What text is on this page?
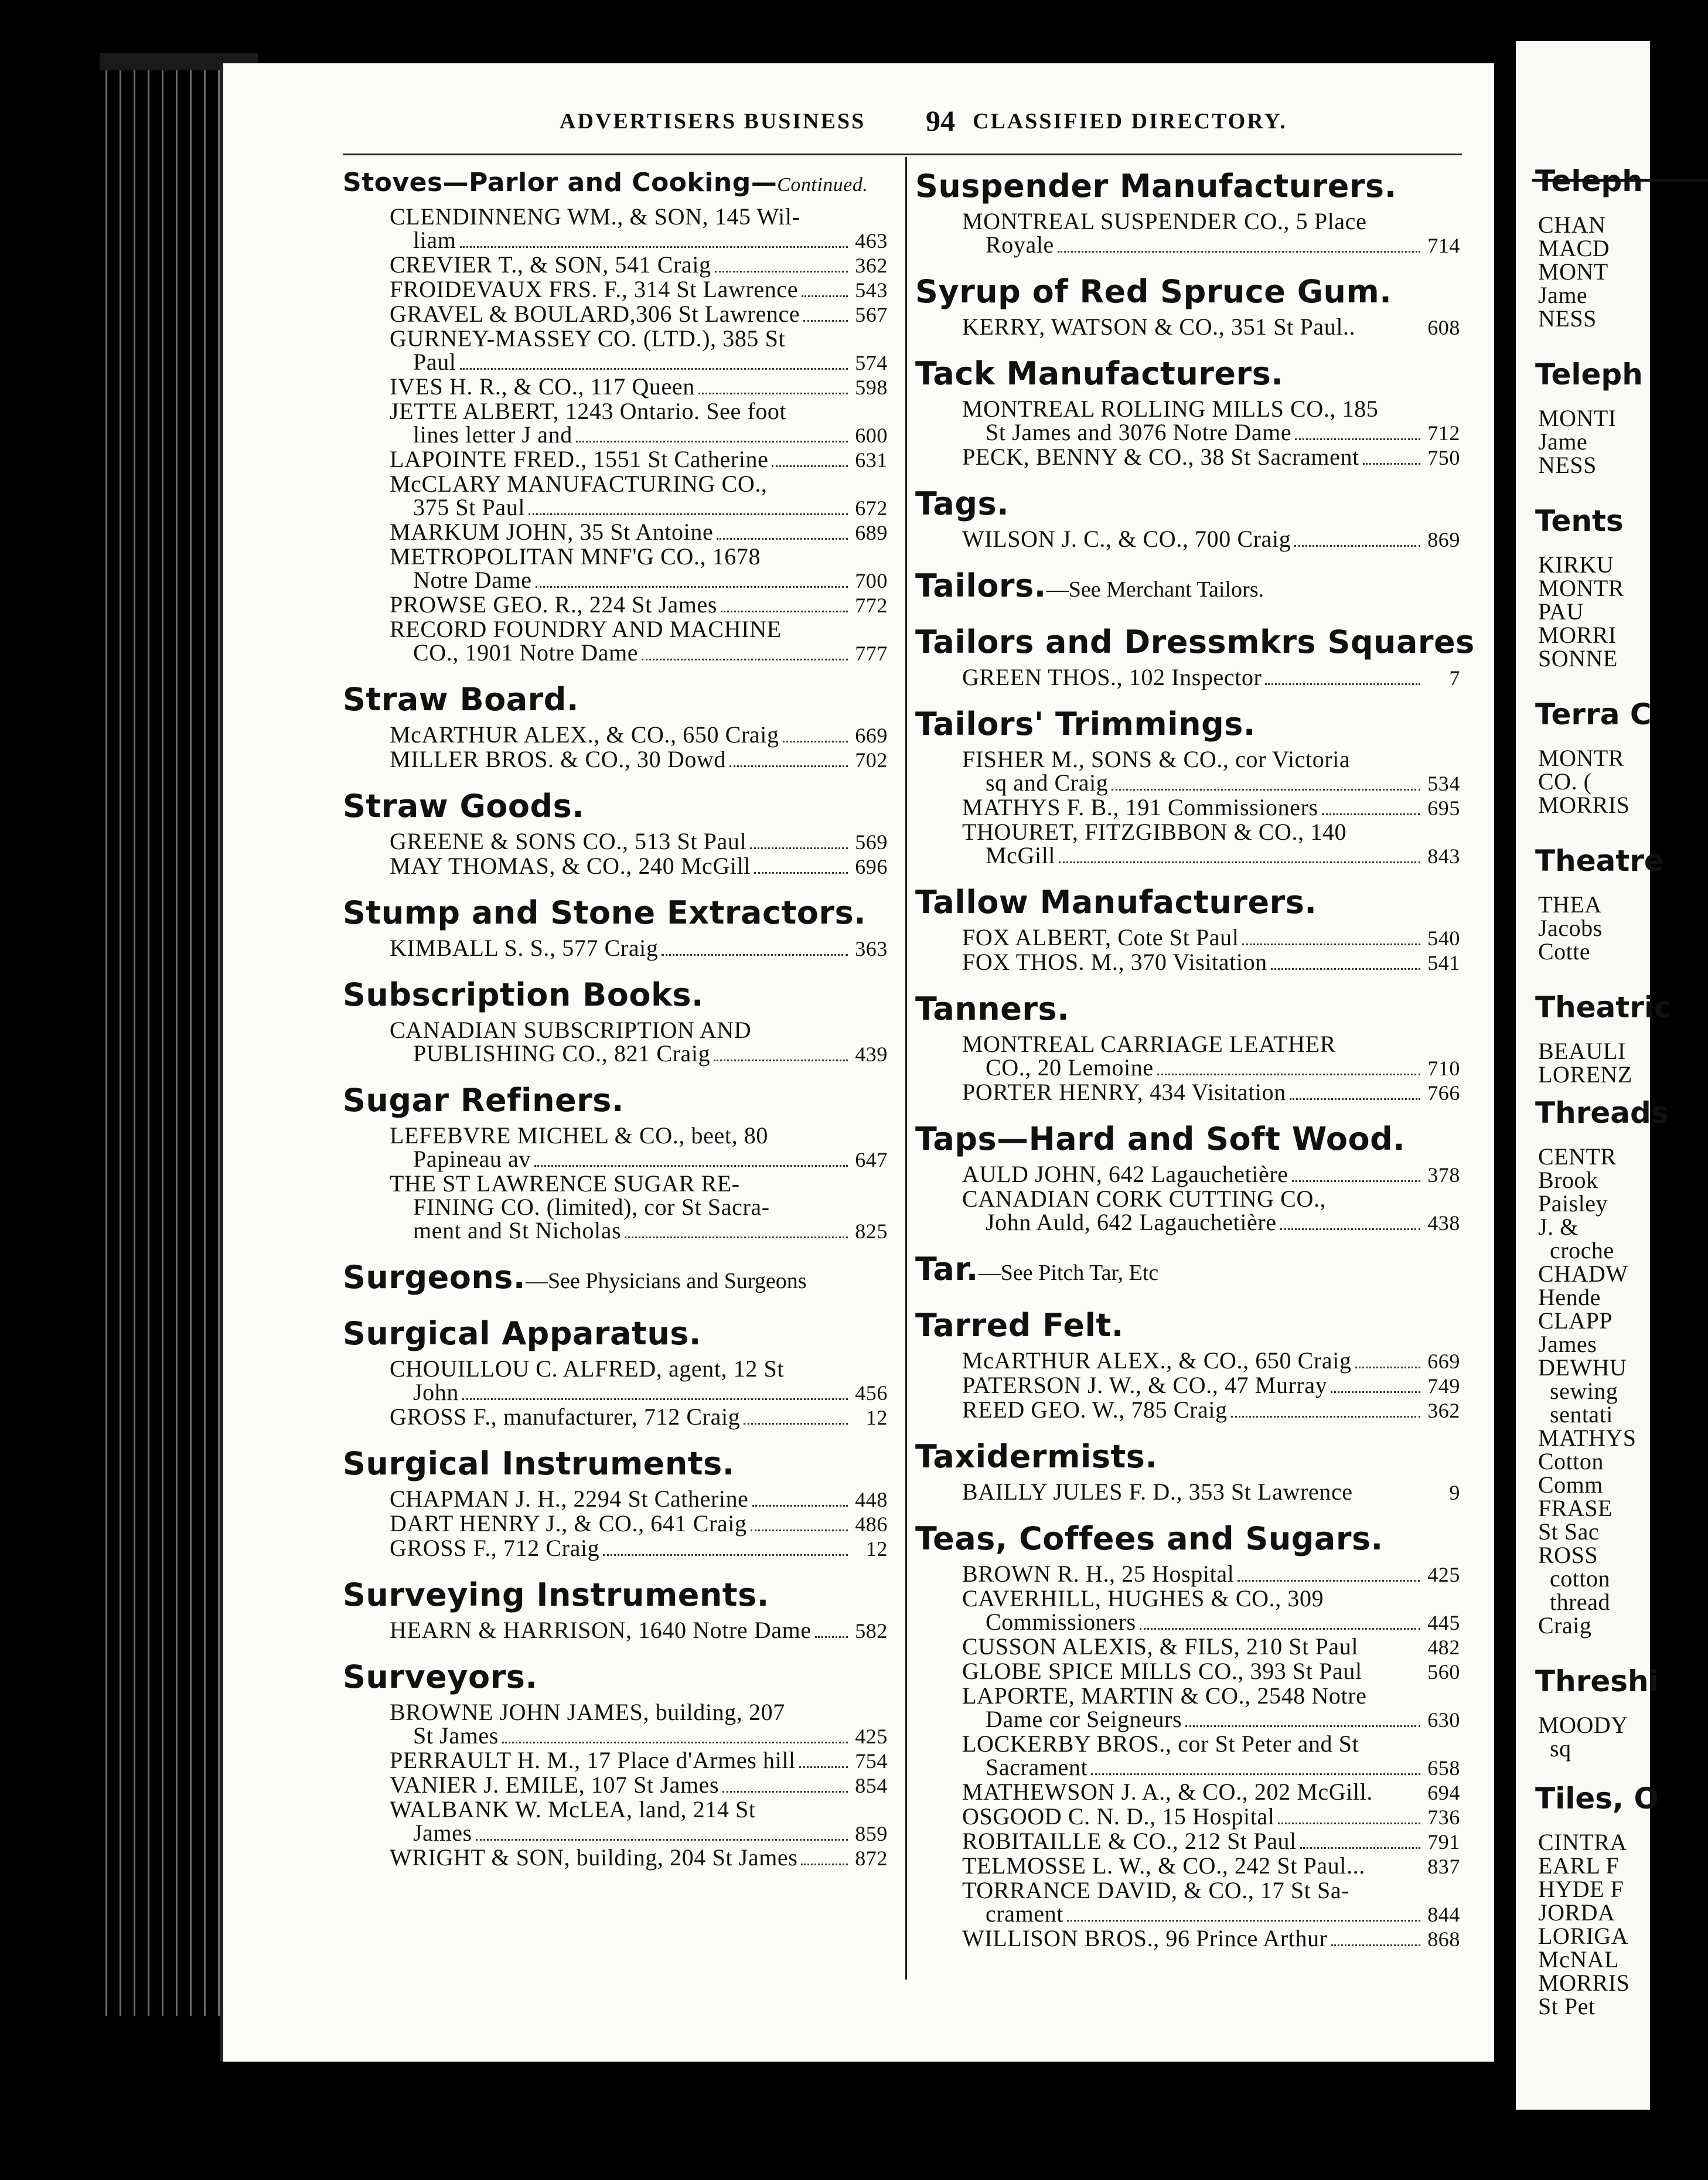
Teleph
CHAN
MACD
MONT
Jame
NESS
Teleph
MONTI
Jame
NESS
Tents
KIRKU
MONTR
PAU
MORRI
SONNE
Terra C
MONTR
CO. (
MORRIS
Theatre
THEA
Jacobs
Cotte
Theatric
BEAULI
LORENZ
Threads
CENTR
Brook
Paisley
J. &
croche
CHADW
Hende
CLAPP
James
DEWHU
sewing
sentati
MATHYS
Cotton
Comm
FRASE
St Sac
ROSS
cotton
thread
Craig
Threshi
MOODY
sq
Tiles, O
CINTRA
EARL F
HYDE F
JORDA
LORIGA
McNAL
MORRIS
St Pet
ADVERTISERS BUSINESS 94 CLASSIFIED DIRECTORY.
Stoves—Parlor and Cooking—Continued.
CLENDINNENG WM., & SON, 145 Wil-
liam	463
CREVIER T., & SON, 541 Craig	362
FROIDEVAUX FRS. F., 314 St Lawrence	543
GRAVEL & BOULARD,306 St Lawrence	567
GURNEY-MASSEY CO. (LTD.), 385 St
Paul	574
IVES H. R., & CO., 117 Queen	598
JETTE ALBERT, 1243 Ontario. See foot
lines letter J and	600
LAPOINTE FRED., 1551 St Catherine	631
McCLARY MANUFACTURING CO.,
375 St Paul	672
MARKUM JOHN, 35 St Antoine	689
METROPOLITAN MNF'G CO., 1678
Notre Dame	700
PROWSE GEO. R., 224 St James	772
RECORD FOUNDRY AND MACHINE
CO., 1901 Notre Dame	777
Straw Board.
McARTHUR ALEX., & CO., 650 Craig	669
MILLER BROS. & CO., 30 Dowd	702
Straw Goods.
GREENE & SONS CO., 513 St Paul	569
MAY THOMAS, & CO., 240 McGill	696
Stump and Stone Extractors.
KIMBALL S. S., 577 Craig	363
Subscription Books.
CANADIAN SUBSCRIPTION AND
PUBLISHING CO., 821 Craig	439
Sugar Refiners.
LEFEBVRE MICHEL & CO., beet, 80
Papineau av	647
THE ST LAWRENCE SUGAR RE-
FINING CO. (limited), cor St Sacra-
ment and St Nicholas	825
Surgeons.—See Physicians and Surgeons
Surgical Apparatus.
CHOUILLOU C. ALFRED, agent, 12 St
John	456
GROSS F., manufacturer, 712 Craig	12
Surgical Instruments.
CHAPMAN J. H., 2294 St Catherine	448
DART HENRY J., & CO., 641 Craig	486
GROSS F., 712 Craig	12
Surveying Instruments.
HEARN & HARRISON, 1640 Notre Dame 582
Surveyors.
BROWNE JOHN JAMES, building, 207
St James	425
PERRAULT H. M., 17 Place d'Armes hill	754
VANIER J. EMILE, 107 St James	854
WALBANK W. McLEA, land, 214 St
James	859
WRIGHT & SON, building, 204 St James	872
Suspender Manufacturers.
MONTREAL SUSPENDER CO., 5 Place
Royale	714
Syrup of Red Spruce Gum.
KERRY, WATSON & CO., 351 St Paul..	608
Tack Manufacturers.
MONTREAL ROLLING MILLS CO., 185
St James and 3076 Notre Dame	712
PECK, BENNY & CO., 38 St Sacrament	750
Tags.
WILSON J. C., & CO., 700 Craig	869
Tailors.—See Merchant Tailors.
Tailors and Dressmkrs Squares
GREEN THOS., 102 Inspector	7
Tailors' Trimmings.
FISHER M., SONS & CO., cor Victoria
sq and Craig	534
MATHYS F. B., 191 Commissioners	695
THOURET, FITZGIBBON & CO., 140
McGill	843
Tallow Manufacturers.
FOX ALBERT, Cote St Paul	540
FOX THOS. M., 370 Visitation	541
Tanners.
MONTREAL CARRIAGE LEATHER
CO., 20 Lemoine	710
PORTER HENRY, 434 Visitation	766
Taps—Hard and Soft Wood.
AULD JOHN, 642 Lagauchetière	378
CANADIAN CORK CUTTING CO.,
John Auld, 642 Lagauchetière	438
Tar.—See Pitch Tar, Etc
Tarred Felt.
McARTHUR ALEX., & CO., 650 Craig	669
PATERSON J. W., & CO., 47 Murray	749
REED GEO. W., 785 Craig	362
Taxidermists.
BAILLY JULES F. D., 353 St Lawrence	9
Teas, Coffees and Sugars.
BROWN R. H., 25 Hospital	425
CAVERHILL, HUGHES & CO., 309
Commissioners	445
CUSSON ALEXIS, & FILS, 210 St Paul	482
GLOBE SPICE MILLS CO., 393 St Paul	560
LAPORTE, MARTIN & CO., 2548 Notre
Dame cor Seigneurs	630
LOCKERBY BROS., cor St Peter and St
Sacrament	658
MATHEWSON J. A., & CO., 202 McGill.	694
OSGOOD C. N. D., 15 Hospital	736
ROBITAILLE & CO., 212 St Paul	791
TELMOSSE L. W., & CO., 242 St Paul...	837
TORRANCE DAVID, & CO., 17 St Sa-
crament	844
WILLISON BROS., 96 Prince Arthur	868
